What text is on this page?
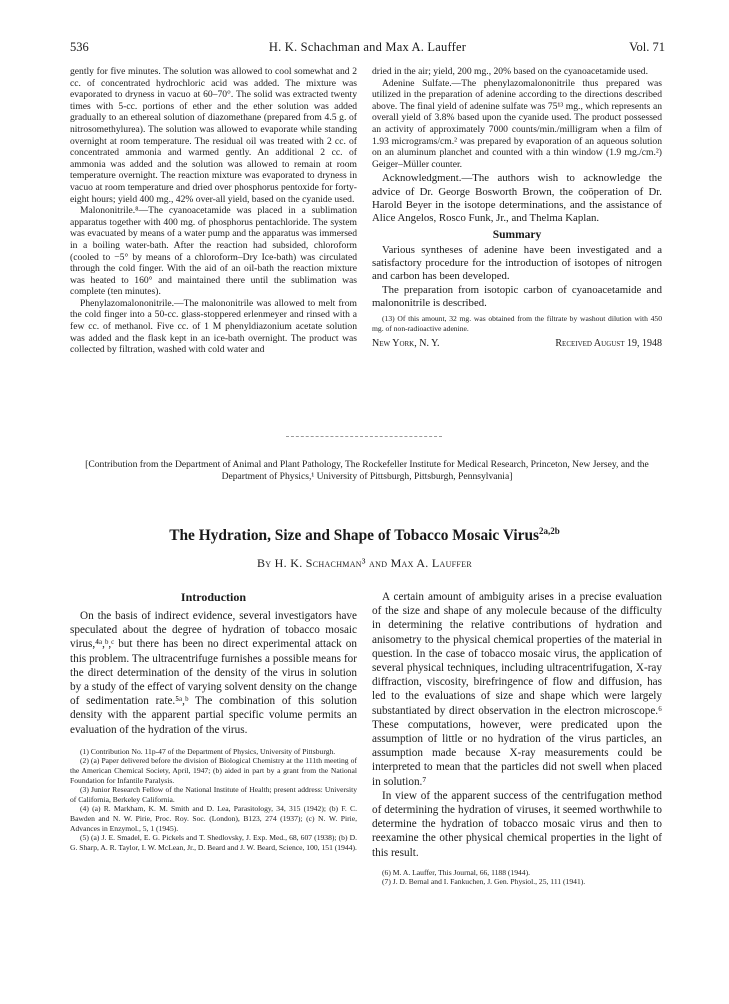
536	H. K. Schachman and Max A. Lauffer	Vol. 71

gently for five minutes. The solution was allowed to cool somewhat and 2 cc. of concentrated hydrochloric acid was added. The mixture was evaporated to dryness in vacuo at 60–70°. The solid was extracted twenty times with 5-cc. portions of ether and the ether solution was added gradually to an ethereal solution of diazomethane (prepared from 4.5 g. of nitrosomethylurea). The solution was allowed to evaporate while standing overnight at room temperature. The residual oil was treated with 2 cc. of concentrated ammonia and warmed gently. An additional 2 cc. of ammonia was added and the solution was allowed to remain at room temperature overnight. The reaction mixture was evaporated to dryness in vacuo at room temperature and dried over phosphorus pentoxide for forty-eight hours; yield 400 mg., 42% over-all yield, based on the cyanide used.

Malononitrile.⁸—The cyanoacetamide was placed in a sublimation apparatus together with 400 mg. of phosphorus pentachloride. The system was evacuated by means of a water pump and the apparatus was immersed in a boiling water-bath. After the reaction had subsided, chloroform (cooled to −5° by means of a chloroform–Dry Ice-bath) was circulated through the cold finger. With the aid of an oil-bath the reaction mixture was heated to 160° and maintained there until the sublimation was complete (ten minutes).

Phenylazomalononitrile.—The malononitrile was allowed to melt from the cold finger into a 50-cc. glass-stoppered erlenmeyer and rinsed with a few cc. of methanol. Five cc. of 1 M phenyldiazonium acetate solution was added and the flask kept in an ice-bath overnight. The product was collected by filtration, washed with cold water and

dried in the air; yield, 200 mg., 20% based on the cyanoacetamide used.

Adenine Sulfate.—The phenylazomalononitrile thus prepared was utilized in the preparation of adenine according to the directions described above. The final yield of adenine sulfate was 75¹³ mg., which represents an overall yield of 3.8% based upon the cyanide used. The product possessed an activity of approximately 7000 counts/min./milligram when a film of 1.93 micrograms/cm.² was prepared by evaporation of an aqueous solution on an aluminum planchet and counted with a thin window (1.9 mg./cm.²) Geiger–Müller counter.

Acknowledgment.—The authors wish to acknowledge the advice of Dr. George Bosworth Brown, the coöperation of Dr. Harold Beyer in the isotope determinations, and the assistance of Alice Angelos, Rosco Funk, Jr., and Thelma Kaplan.

Summary

Various syntheses of adenine have been investigated and a satisfactory procedure for the introduction of isotopes of nitrogen and carbon has been developed.

The preparation from isotopic carbon of cyanoacetamide and malononitrile is described.

(13) Of this amount, 32 mg. was obtained from the filtrate by washout dilution with 450 mg. of non-radioactive adenine.

New York, N. Y.	Received August 19, 1948
[Contribution from the Department of Animal and Plant Pathology, The Rockefeller Institute for Medical Research, Princeton, New Jersey, and the Department of Physics,¹ University of Pittsburgh, Pittsburgh, Pennsylvania]
The Hydration, Size and Shape of Tobacco Mosaic Virus$^{2a,2b}$
By H. K. Schachman³ and Max A. Lauffer
Introduction

On the basis of indirect evidence, several investigators have speculated about the degree of hydration of tobacco mosaic virus,⁴ᵃ,ᵇ,ᶜ but there has been no direct experimental attack on this problem. The ultracentrifuge furnishes a possible means for the direct determination of the density of the virus in solution by a study of the effect of varying solvent density on the change of sedimentation rate.⁵ᵃ,ᵇ The combination of this solution density with the apparent partial specific volume permits an evaluation of the hydration of the virus.

(1) Contribution No. 11p-47 of the Department of Physics, University of Pittsburgh.

(2) (a) Paper delivered before the division of Biological Chemistry at the 111th meeting of the American Chemical Society, April, 1947; (b) aided in part by a grant from the National Foundation for Infantile Paralysis.

(3) Junior Research Fellow of the National Institute of Health; present address: University of California, Berkeley California.

(4) (a) R. Markham, K. M. Smith and D. Lea, Parasitology, 34, 315 (1942); (b) F. C. Bawden and N. W. Pirie, Proc. Roy. Soc. (London), B123, 274 (1937); (c) N. W. Pirie, Advances in Enzymol., 5, 1 (1945).

(5) (a) J. E. Smadel, E. G. Pickels and T. Shedlovsky, J. Exp. Med., 68, 607 (1938); (b) D. G. Sharp, A. R. Taylor, I. W. McLean, Jr., D. Beard and J. W. Beard, Science, 100, 151 (1944).

A certain amount of ambiguity arises in a precise evaluation of the size and shape of any molecule because of the difficulty in determining the relative contributions of hydration and anisometry to the physical chemical properties of the material in question. In the case of tobacco mosaic virus, the application of several physical techniques, including ultracentrifugation, X-ray diffraction, viscosity, birefringence of flow and diffusion, has led to the evaluations of size and shape which were largely substantiated by direct observation in the electron microscope.⁶ These computations, however, were predicated upon the assumption of little or no hydration of the virus particles, an assumption made because X-ray measurements could be interpreted to mean that the particles did not swell when placed in solution.⁷

In view of the apparent success of the centrifugation method of determining the hydration of viruses, it seemed worthwhile to determine the hydration of tobacco mosaic virus and then to reexamine the other physical chemical properties in the light of this result.

(6) M. A. Lauffer, This Journal, 66, 1188 (1944).

(7) J. D. Bernal and I. Fankuchen, J. Gen. Physiol., 25, 111 (1941).
